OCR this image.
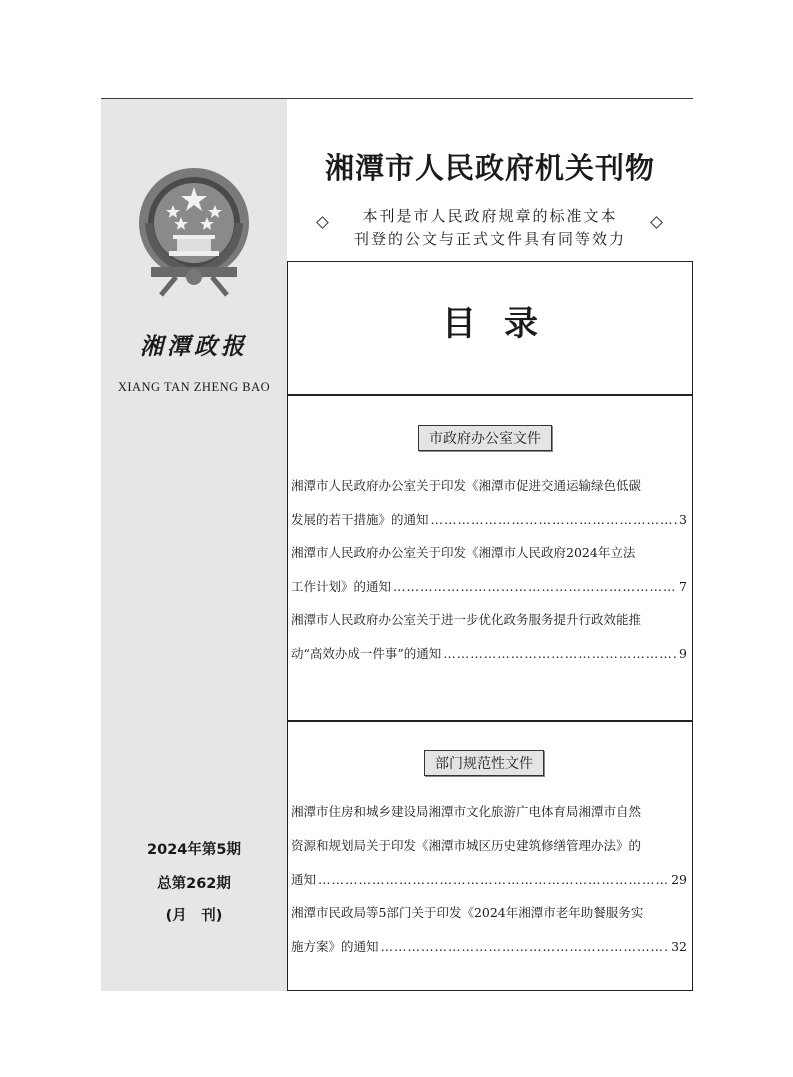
湘潭政报
XIANG TAN ZHENG BAO
2024年第5期
总第262期
(月　刊)
湘潭市人民政府机关刊物
本刊是市人民政府规章的标准文本
刊登的公文与正式文件具有同等效力
目录
市政府办公室文件
湘潭市人民政府办公室关于印发《湘潭市促进交通运输绿色低碳
发展的若干措施》的通知 ……………………………………………………………………………………………………………………………………	3
湘潭市人民政府办公室关于印发《湘潭市人民政府2024年立法
工作计划》的通知 ……………………………………………………………………………………………………………………………………	7
湘潭市人民政府办公室关于进一步优化政务服务提升行政效能推
动“高效办成一件事”的通知 ……………………………………………………………………………………………………………………………………	9
部门规范性文件
湘潭市住房和城乡建设局湘潭市文化旅游广电体育局湘潭市自然
资源和规划局关于印发《湘潭市城区历史建筑修缮管理办法》的
通知 ……………………………………………………………………………………………………………………………………	29
湘潭市民政局等5部门关于印发《2024年湘潭市老年助餐服务实
施方案》的通知 ……………………………………………………………………………………………………………………………………	32
